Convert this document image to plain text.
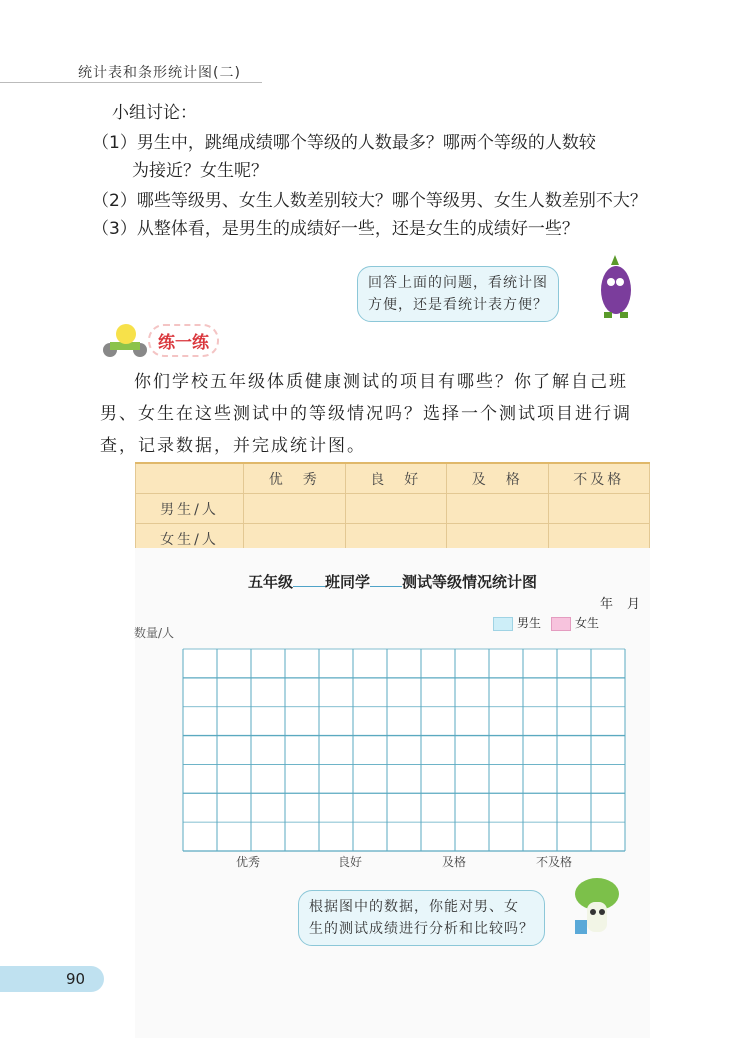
统计表和条形统计图(二)
小组讨论：
（1）男生中，跳绳成绩哪个等级的人数最多？哪两个等级的人数较
为接近？女生呢？
（2）哪些等级男、女生人数差别较大？哪个等级男、女生人数差别不大？
（3）从整体看，是男生的成绩好一些，还是女生的成绩好一些？
回答上面的问题，看统计图
方便，还是看统计表方便？
练一练
你们学校五年级体质健康测试的项目有哪些？你了解自己班男、女生在这些测试中的等级情况吗？选择一个测试项目进行调查，记录数据，并完成统计图。
	优　秀	良　好	及　格	不及格
男生/人				
女生/人				
五年级 班同学 测试等级情况统计图
年月
男生	女生
数量/人
优秀	良好	及格	不及格
根据图中的数据，你能对男、女
生的测试成绩进行分析和比较吗？
90
